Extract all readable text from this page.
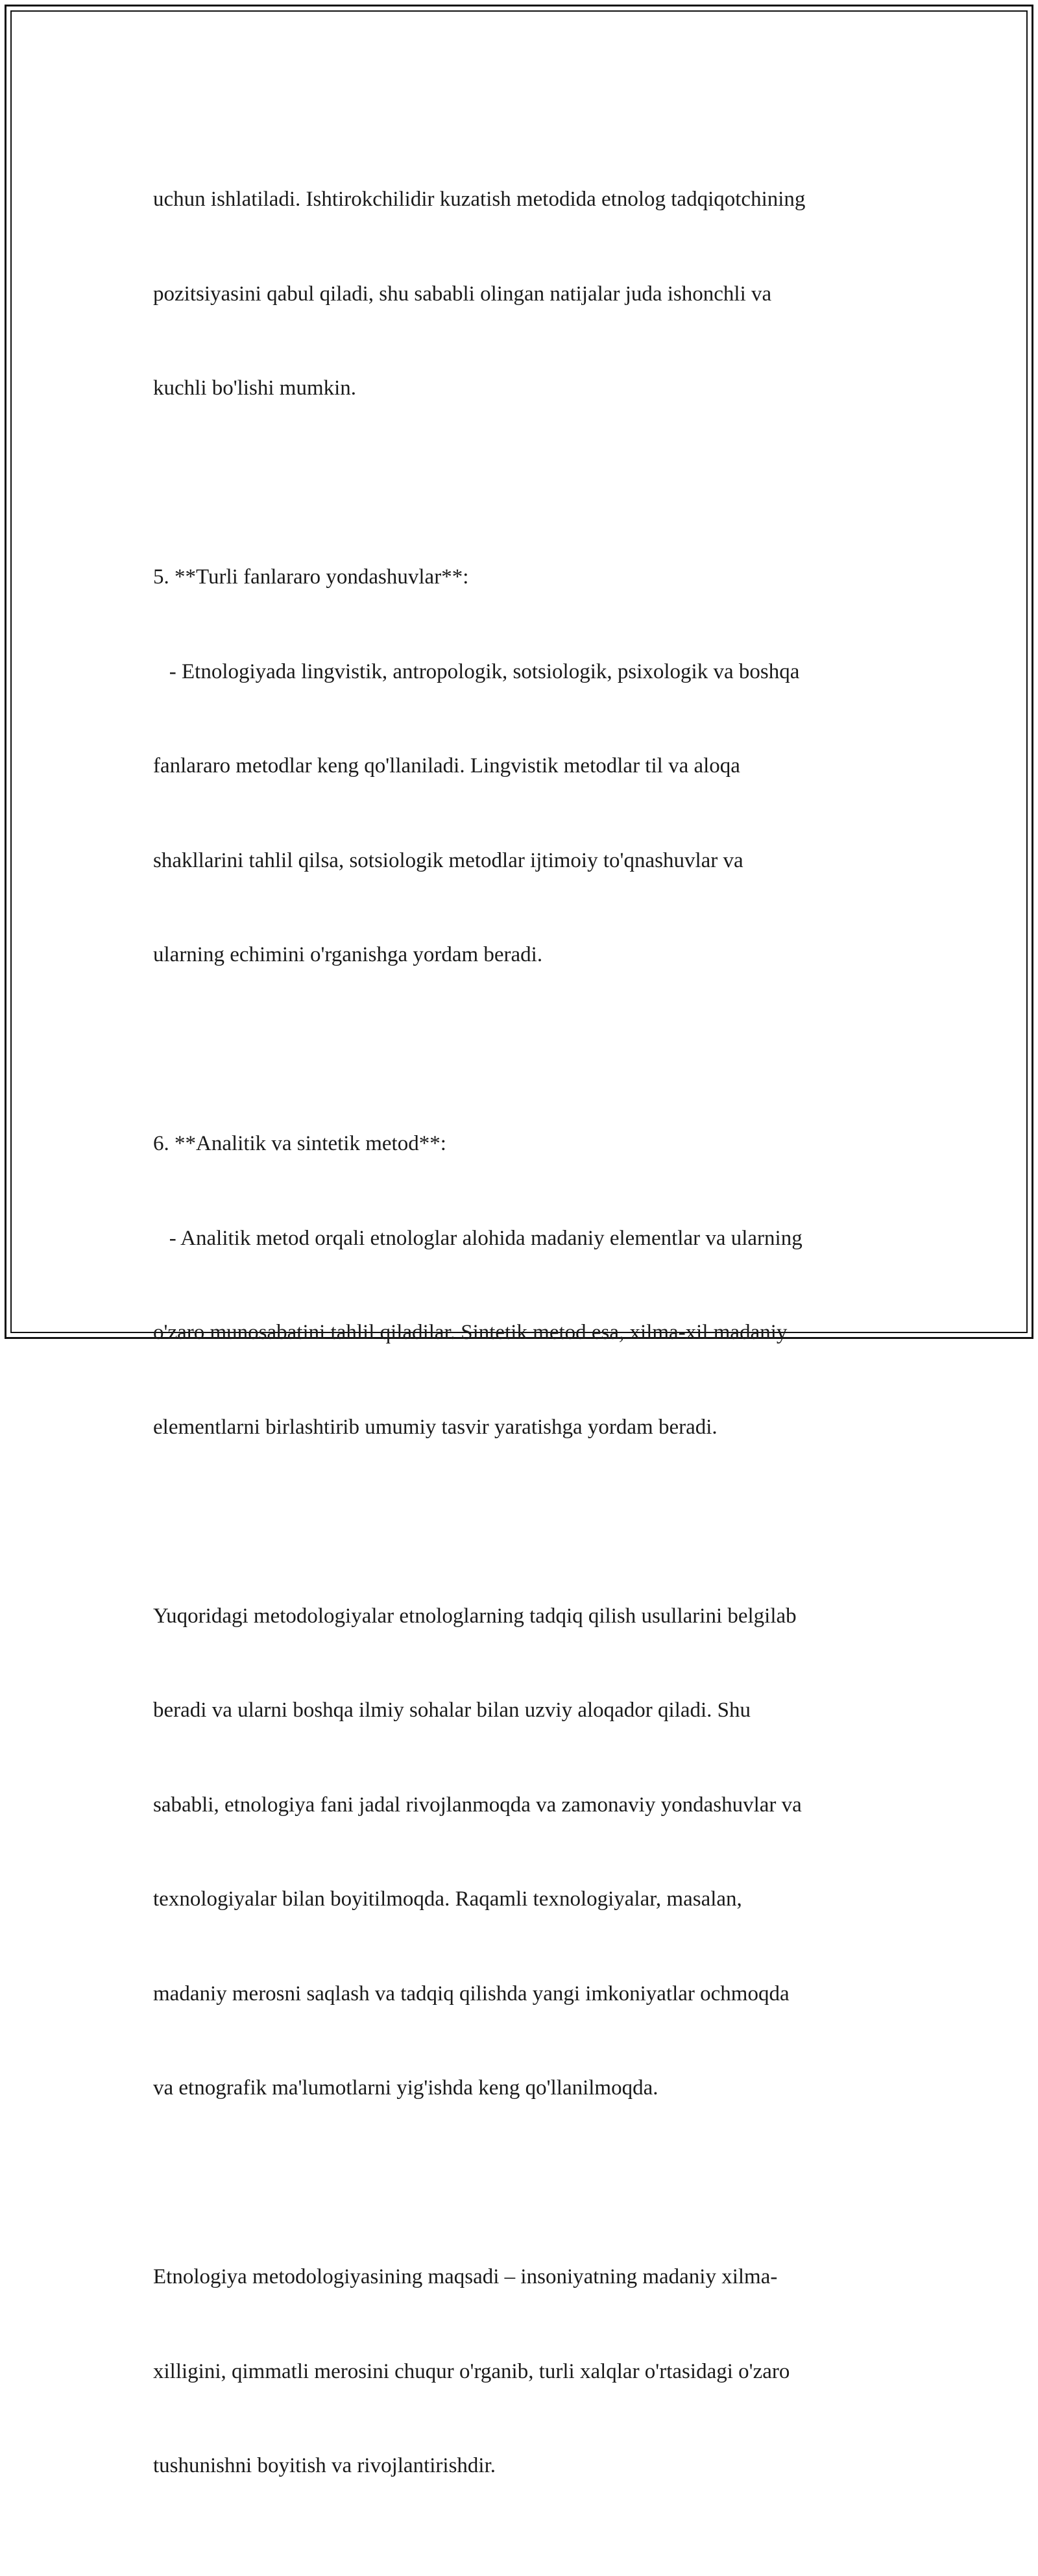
uchun ishlatiladi. Ishtirokchilidir kuzatish metodida etnolog tadqiqotchining

pozitsiyasini qabul qiladi, shu sababli olingan natijalar juda ishonchli va

kuchli bo'lishi mumkin.

5. **Turli fanlararo yondashuvlar**:

- Etnologiyada lingvistik, antropologik, sotsiologik, psixologik va boshqa

fanlararo metodlar keng qo'llaniladi. Lingvistik metodlar til va aloqa

shakllarini tahlil qilsa, sotsiologik metodlar ijtimoiy to'qnashuvlar va

ularning echimini o'rganishga yordam beradi.

6. **Analitik va sintetik metod**:

- Analitik metod orqali etnologlar alohida madaniy elementlar va ularning

o'zaro munosabatini tahlil qiladilar. Sintetik metod esa, xilma-xil madaniy

elementlarni birlashtirib umumiy tasvir yaratishga yordam beradi.

Yuqoridagi metodologiyalar etnologlarning tadqiq qilish usullarini belgilab

beradi va ularni boshqa ilmiy sohalar bilan uzviy aloqador qiladi. Shu

sababli, etnologiya fani jadal rivojlanmoqda va zamonaviy yondashuvlar va

texnologiyalar bilan boyitilmoqda. Raqamli texnologiyalar, masalan,

madaniy merosni saqlash va tadqiq qilishda yangi imkoniyatlar ochmoqda

va etnografik ma'lumotlarni yig'ishda keng qo'llanilmoqda.

Etnologiya metodologiyasining maqsadi – insoniyatning madaniy xilma-

xilligini, qimmatli merosini chuqur o'rganib, turli xalqlar o'rtasidagi o'zaro

tushunishni boyitish va rivojlantirishdir.
